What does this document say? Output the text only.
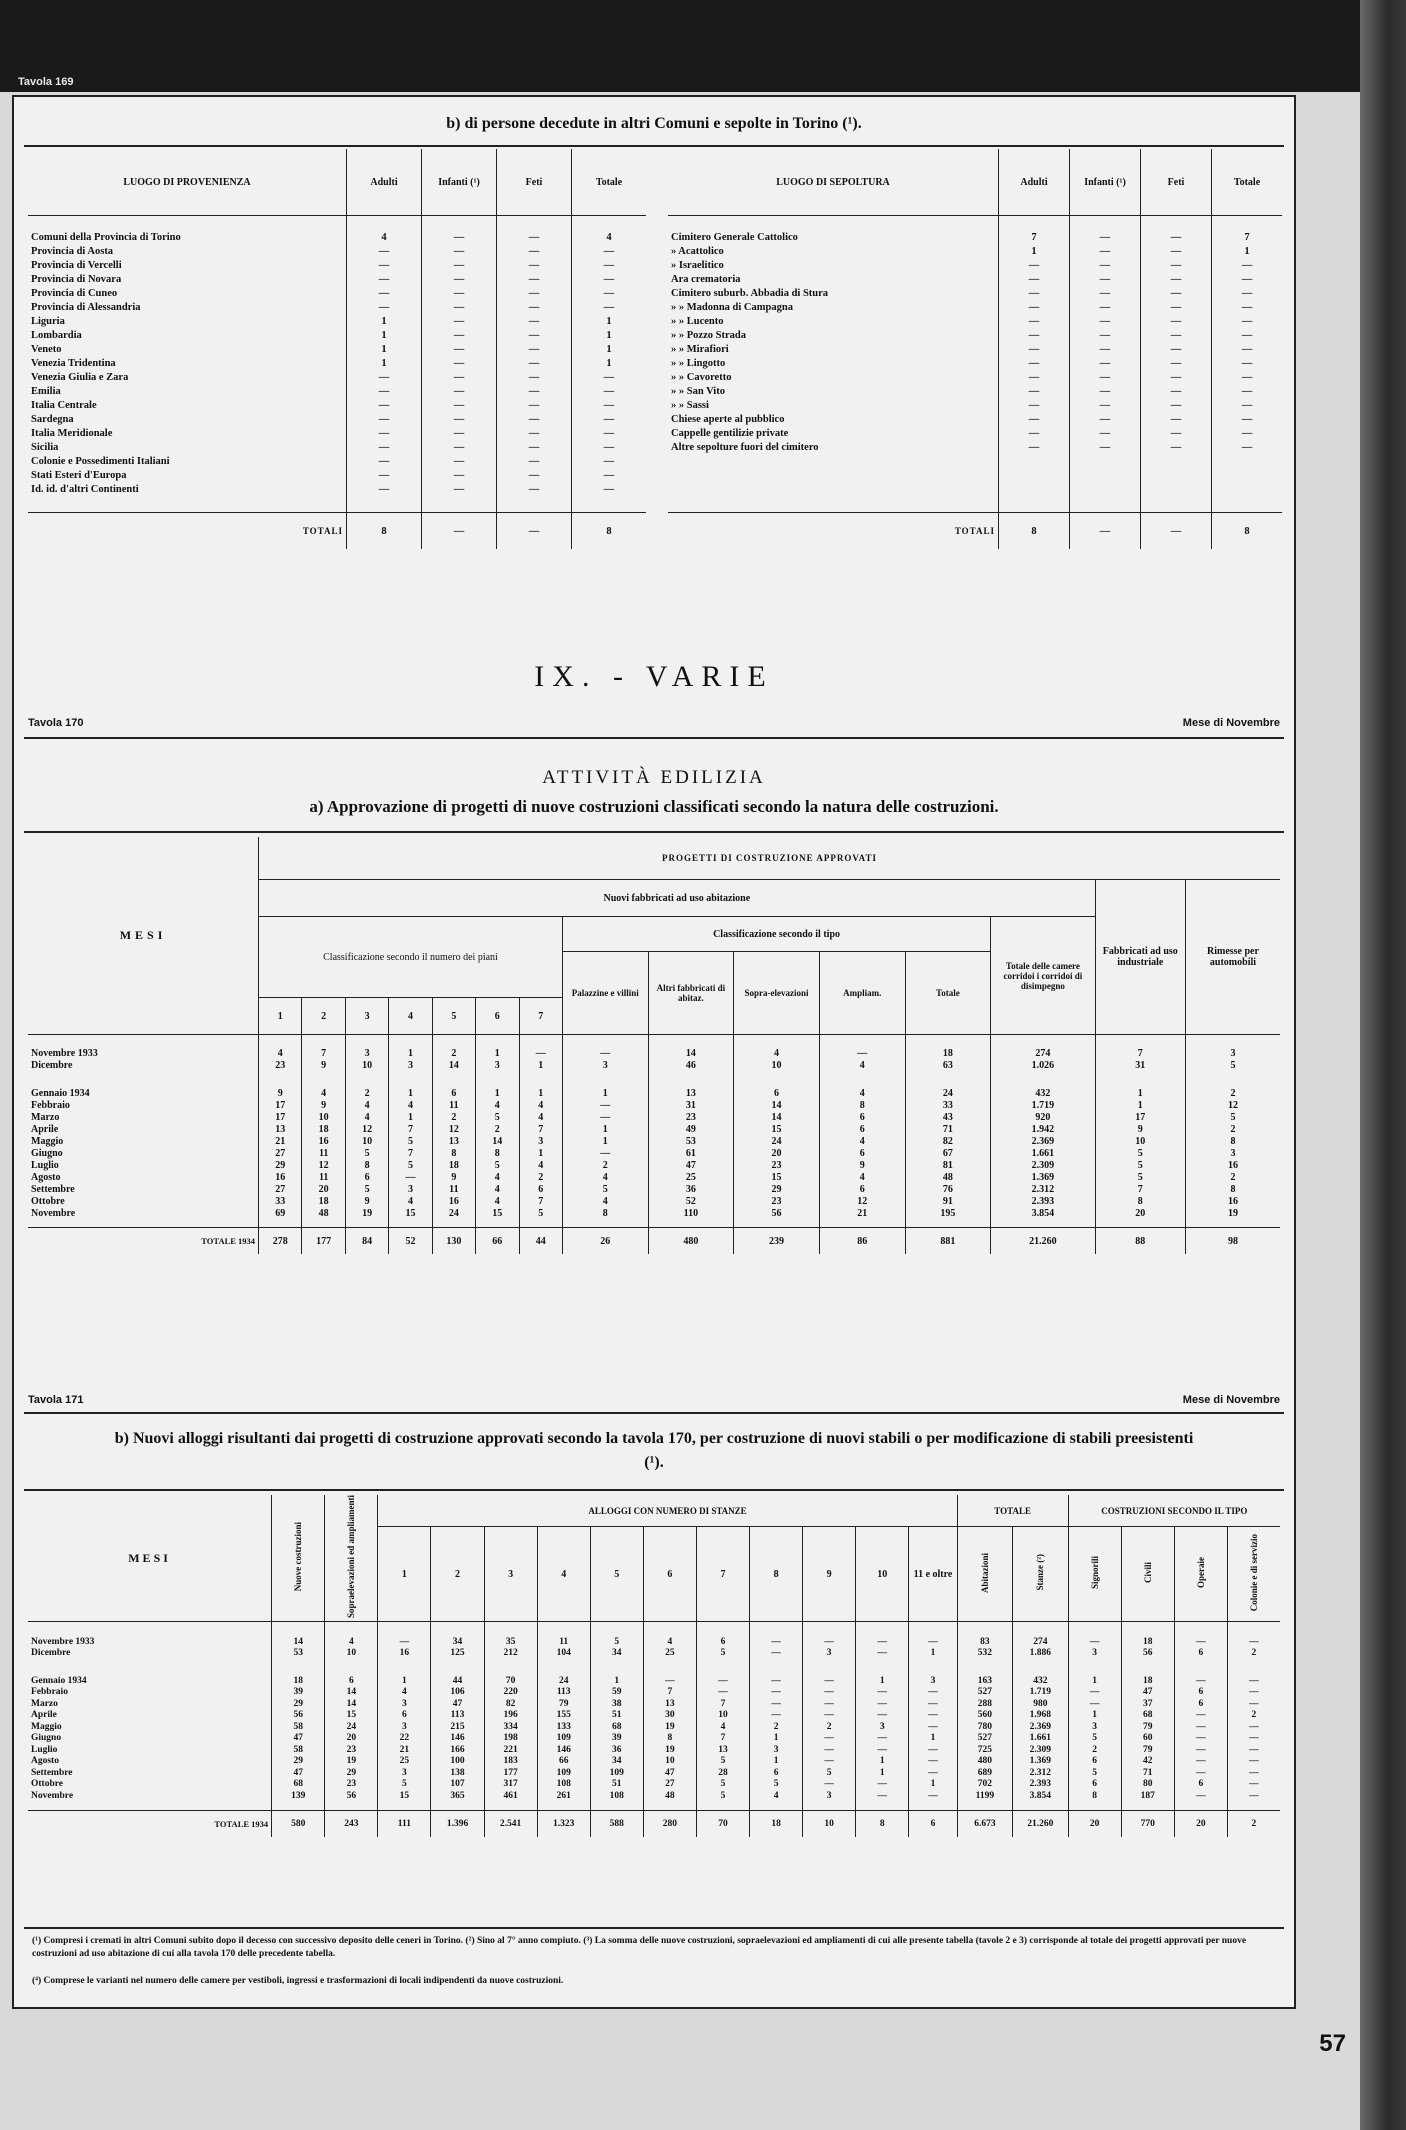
Tavola 169
b) di persone decedute in altri Comuni e sepolte in Torino (¹).
LUOGO DI PROVENIENZA	Adulti	Infanti (¹)	Feti	Totale
Comuni della Provincia di Torino	4	—	—	4
Provincia di Aosta	—	—	—	—
Provincia di Vercelli	—	—	—	—
Provincia di Novara	—	—	—	—
Provincia di Cuneo	—	—	—	—
Provincia di Alessandria	—	—	—	—
Liguria	1	—	—	1
Lombardia	1	—	—	1
Veneto	1	—	—	1
Venezia Tridentina	1	—	—	1
Venezia Giulia e Zara	—	—	—	—
Emilia	—	—	—	—
Italia Centrale	—	—	—	—
Sardegna	—	—	—	—
Italia Meridionale	—	—	—	—
Sicilia	—	—	—	—
Colonie e Possedimenti Italiani	—	—	—	—
Stati Esteri d'Europa	—	—	—	—
Id. id. d'altri Continenti	—	—	—	—

TOTALI	8	—	—	8
LUOGO DI SEPOLTURA	Adulti	Infanti (¹)	Feti	Totale
Cimitero Generale Cattolico	7	—	—	7
» Acattolico	1	—	—	1
» Israelitico	—	—	—	—
Ara crematoria	—	—	—	—
Cimitero suburb. Abbadia di Stura	—	—	—	—
» » Madonna di Campagna	—	—	—	—
» » Lucento	—	—	—	—
» » Pozzo Strada	—	—	—	—
» » Mirafiori	—	—	—	—
» » Lingotto	—	—	—	—
» » Cavoretto	—	—	—	—
» » San Vito	—	—	—	—
» » Sassi	—	—	—	—
Chiese aperte al pubblico	—	—	—	—
Cappelle gentilizie private	—	—	—	—
Altre sepolture fuori del cimitero	—	—	—	—

TOTALI	8	—	—	8
IX. - VARIE
Tavola 170	Mese di Novembre
ATTIVITÀ EDILIZIA
a) Approvazione di progetti di nuove costruzioni classificati secondo la natura delle costruzioni.
MESI	PROGETTI DI COSTRUZIONE APPROVATI														
	Nuovi fabbricati ad uso abitazione													Fabbricati ad uso industriale	Rimesse per automobili
	Classificazione secondo il numero dei piani							Classificazione secondo il tipo					Totale delle camere corridoi i corridoi di disimpegno		
								Palazzine e villini	Altri fabbricati di abitaz.	Sopra-elevazioni	Ampliam.	Totale			
	1	2	3	4	5	6	7								
Novembre 1933	4	7	3	1	2	1	—	—	14	4	—	18	274	7	3
Dicembre	23	9	10	3	14	3	1	3	46	10	4	63	1.026	31	5
Gennaio 1934	9	4	2	1	6	1	1	1	13	6	4	24	432	1	2
Febbraio	17	9	4	4	11	4	4	—	31	14	8	33	1.719	1	12
Marzo	17	10	4	1	2	5	4	—	23	14	6	43	920	17	5
Aprile	13	18	12	7	12	2	7	1	49	15	6	71	1.942	9	2
Maggio	21	16	10	5	13	14	3	1	53	24	4	82	2.369	10	8
Giugno	27	11	5	7	8	8	1	—	61	20	6	67	1.661	5	3
Luglio	29	12	8	5	18	5	4	2	47	23	9	81	2.309	5	16
Agosto	16	11	6	—	9	4	2	4	25	15	4	48	1.369	5	2
Settembre	27	20	5	3	11	4	6	5	36	29	6	76	2.312	7	8
Ottobre	33	18	9	4	16	4	7	4	52	23	12	91	2.393	8	16
Novembre	69	48	19	15	24	15	5	8	110	56	21	195	3.854	20	19

TOTALE 1934	278	177	84	52	130	66	44	26	480	239	86	881	21.260	88	98
Tavola 171	Mese di Novembre
b) Nuovi alloggi risultanti dai progetti di costruzione approvati secondo la tavola 170, per costruzione di nuovi stabili o per modificazione di stabili preesistenti (¹).
MESI	Nuove costruzioni	Sopraelevazioni ed ampliamenti	ALLOGGI CON NUMERO DI STANZE											TOTALE		COSTRUZIONI SECONDO IL TIPO			
			1	2	3	4	5	6	7	8	9	10	11 e oltre	Abitazioni	Stanze (²)	Signorili	Civili	Operaie	Colonie e di servizio
Novembre 1933	14	4	—	34	35	11	5	4	6	—	—	—	—	83	274	—	18	—	—
Dicembre	53	10	16	125	212	104	34	25	5	—	3	—	1	532	1.886	3	56	6	2
Gennaio 1934	18	6	1	44	70	24	1	—	—	—	—	1	3	163	432	1	18	—	—
Febbraio	39	14	4	106	220	113	59	7	—	—	—	—	—	527	1.719	—	47	6	—
Marzo	29	14	3	47	82	79	38	13	7	—	—	—	—	288	980	—	37	6	—
Aprile	56	15	6	113	196	155	51	30	10	—	—	—	—	560	1.968	1	68	—	2
Maggio	58	24	3	215	334	133	68	19	4	2	2	3	—	780	2.369	3	79	—	—
Giugno	47	20	22	146	198	109	39	8	7	1	—	—	1	527	1.661	5	60	—	—
Luglio	58	23	21	166	221	146	36	19	13	3	—	—	—	725	2.309	2	79	—	—
Agosto	29	19	25	100	183	66	34	10	5	1	—	1	—	480	1.369	6	42	—	—
Settembre	47	29	3	138	177	109	109	47	28	6	5	1	—	689	2.312	5	71	—	—
Ottobre	68	23	5	107	317	108	51	27	5	5	—	—	1	702	2.393	6	80	6	—
Novembre	139	56	15	365	461	261	108	48	5	4	3	—	—	1199	3.854	8	187	—	—

TOTALE 1934	580	243	111	1.396	2.541	1.323	588	280	70	18	10	8	6	6.673	21.260	20	770	20	2
(¹) Compresi i cremati in altri Comuni subito dopo il decesso con successivo deposito delle ceneri in Torino. (²) Sino al 7° anno compiuto. (³) La somma delle nuove costruzioni, sopraelevazioni ed ampliamenti di cui alle presente tabella (tavole 2 e 3) corrisponde al totale dei progetti approvati per nuove costruzioni ad uso abitazione di cui alla tavola 170 delle precedente tabella.
(⁴) Comprese le varianti nel numero delle camere per vestiboli, ingressi e trasformazioni di locali indipendenti da nuove costruzioni.
57
